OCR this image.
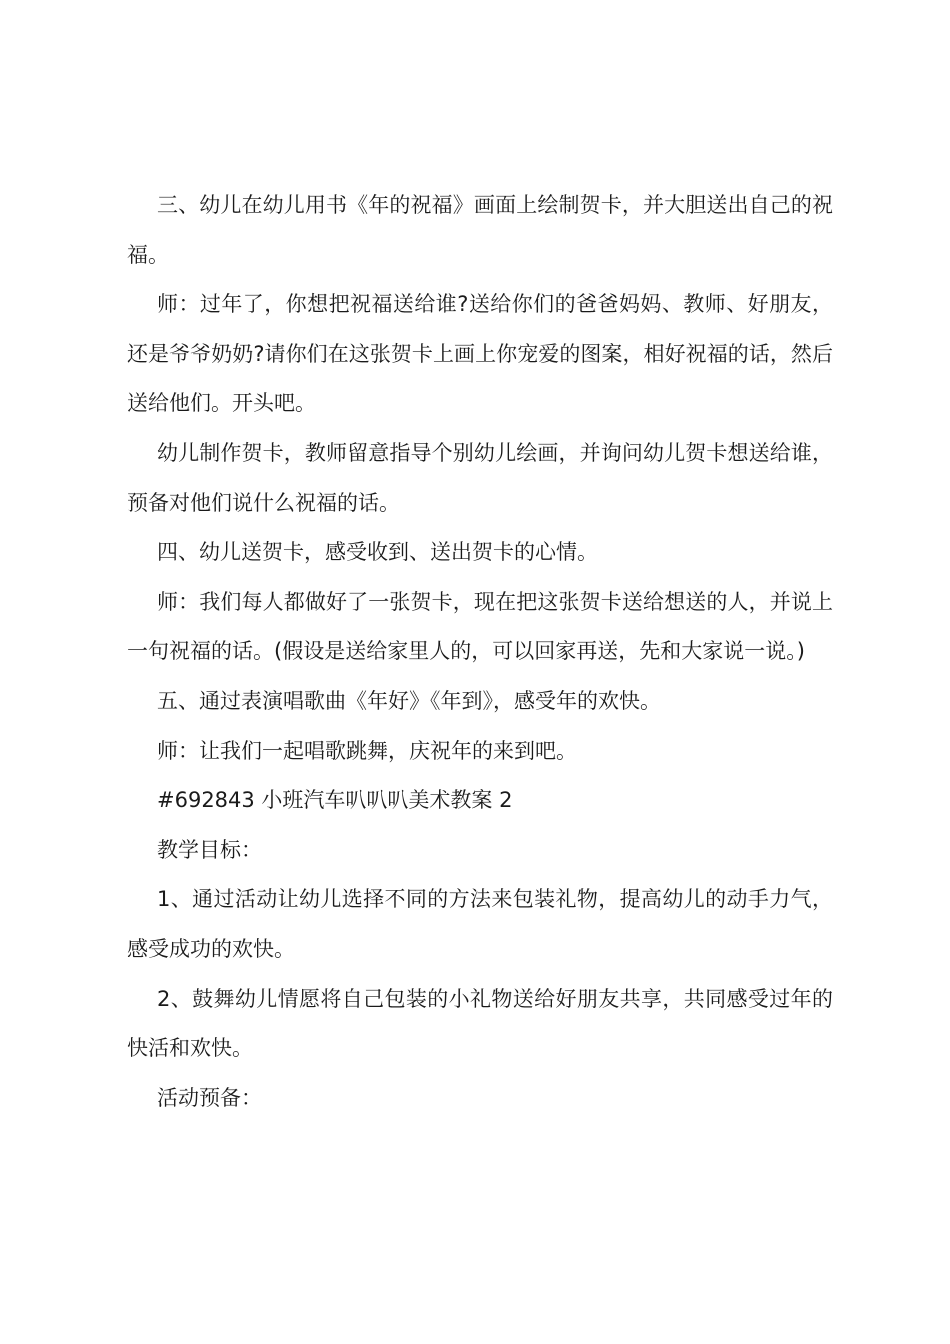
三、幼儿在幼儿用书《年的祝福》画面上绘制贺卡，并大胆送出自己的祝福。

师：过年了，你想把祝福送给谁?送给你们的爸爸妈妈、教师、好朋友，还是爷爷奶奶?请你们在这张贺卡上画上你宠爱的图案，相好祝福的话，然后送给他们。开头吧。

幼儿制作贺卡，教师留意指导个别幼儿绘画，并询问幼儿贺卡想送给谁，预备对他们说什么祝福的话。

四、幼儿送贺卡，感受收到、送出贺卡的心情。

师：我们每人都做好了一张贺卡，现在把这张贺卡送给想送的人，并说上一句祝福的话。(假设是送给家里人的，可以回家再送，先和大家说一说。)

五、通过表演唱歌曲《年好》《年到》，感受年的欢快。

师：让我们一起唱歌跳舞，庆祝年的来到吧。

#692843 小班汽车叭叭叭美术教案 2

教学目标：

1、通过活动让幼儿选择不同的方法来包装礼物，提高幼儿的动手力气，感受成功的欢快。

2、鼓舞幼儿情愿将自己包装的小礼物送给好朋友共享，共同感受过年的快活和欢快。

活动预备：
